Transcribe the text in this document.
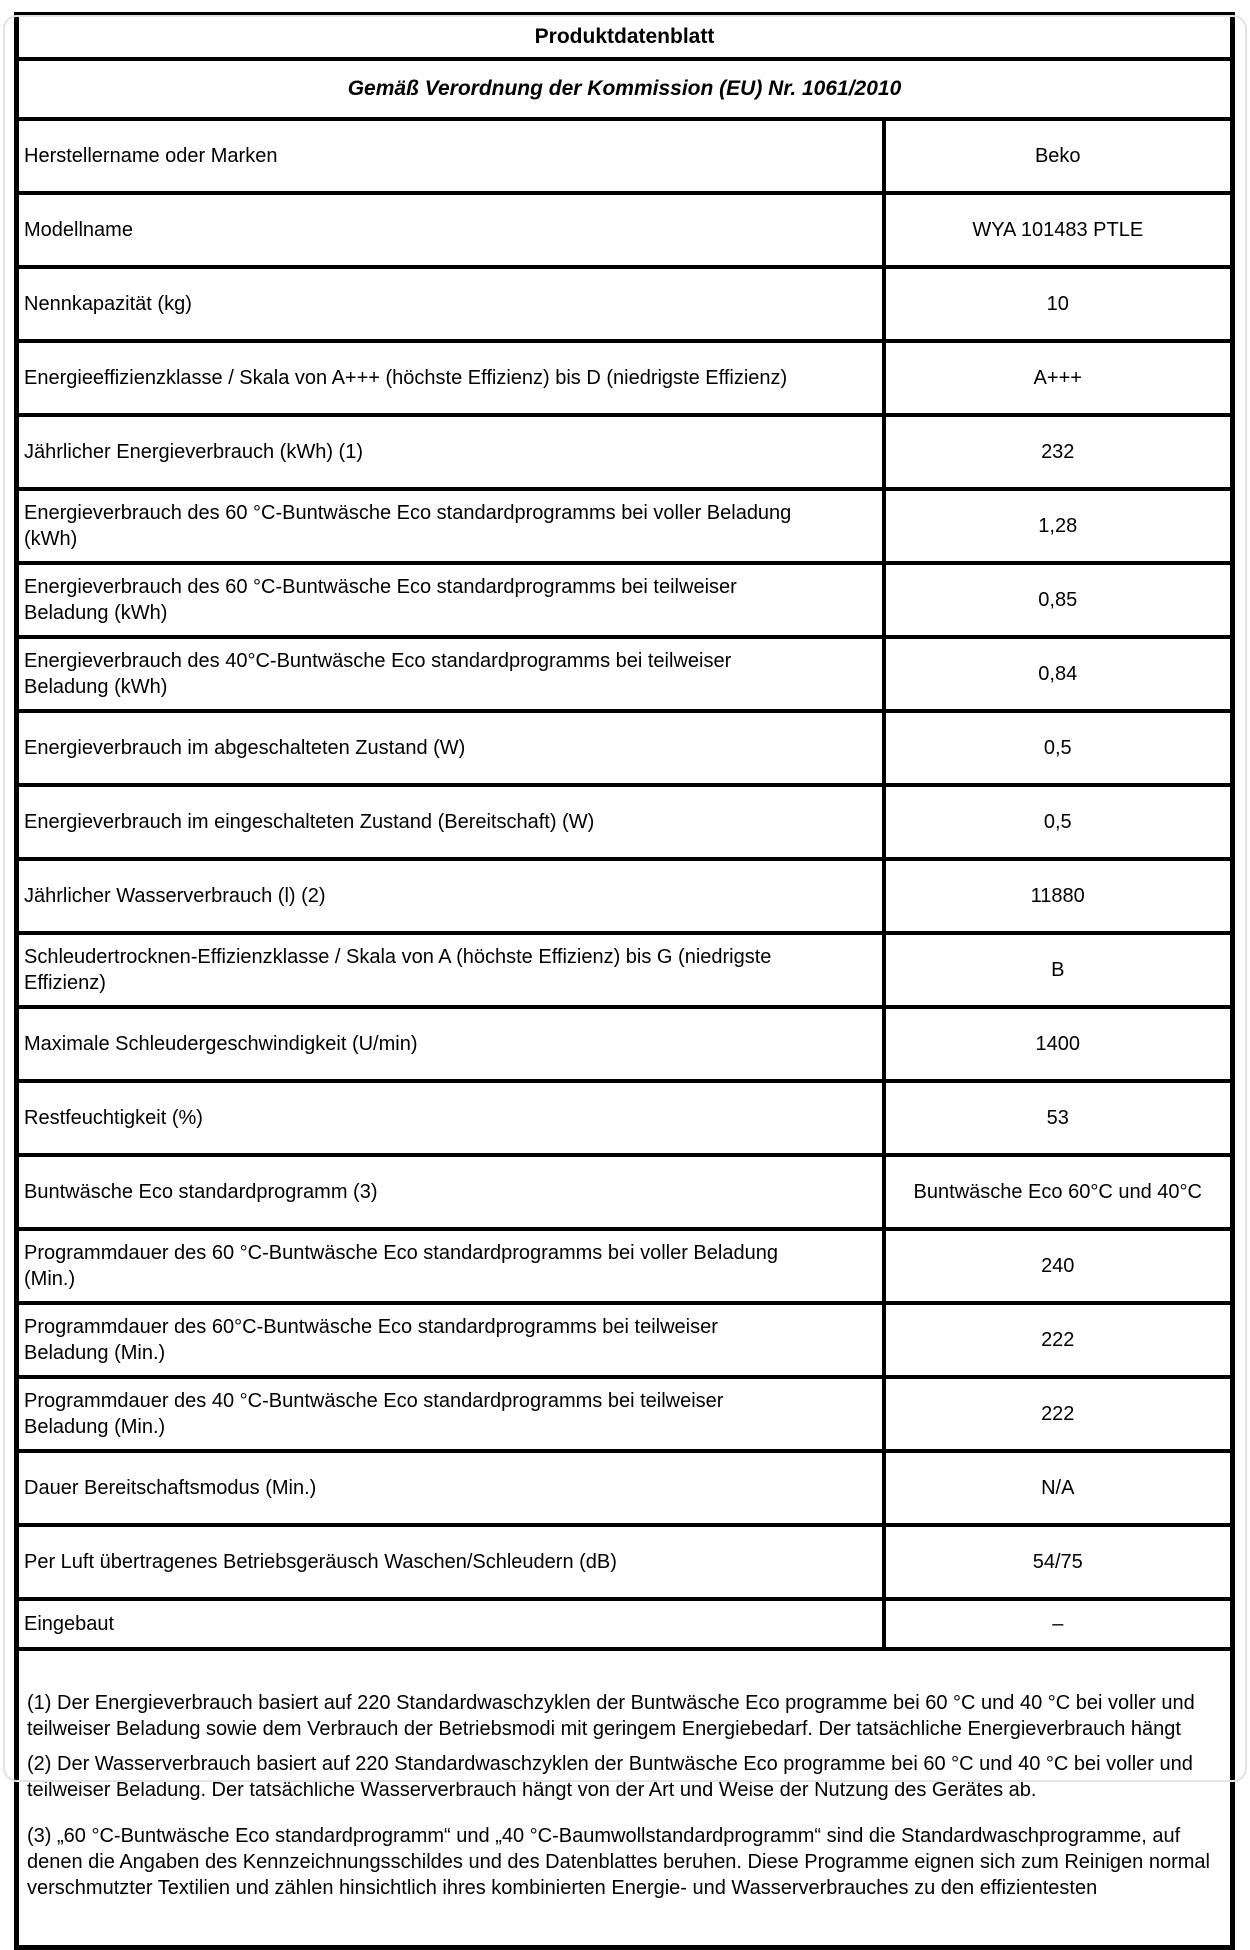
Produktdatenblatt	
Gemäß Verordnung der Kommission (EU) Nr. 1061/2010	
Herstellername oder Marken	Beko
Modellname	WYA 101483 PTLE
Nennkapazität (kg)	10
Energieeffizienzklasse / Skala von A+++ (höchste Effizienz) bis D (niedrigste Effizienz)	A+++
Jährlicher Energieverbrauch (kWh) (1)	232
Energieverbrauch des 60 °C-Buntwäsche Eco standardprogramms bei voller Beladung (kWh)	1,28
Energieverbrauch des 60 °C-Buntwäsche Eco standardprogramms bei teilweiser Beladung (kWh)	0,85
Energieverbrauch des 40°C-Buntwäsche Eco standardprogramms bei teilweiser Beladung (kWh)	0,84
Energieverbrauch im abgeschalteten Zustand (W)	0,5
Energieverbrauch im eingeschalteten Zustand (Bereitschaft) (W)	0,5
Jährlicher Wasserverbrauch (l) (2)	11880
Schleudertrocknen-Effizienzklasse / Skala von A (höchste Effizienz) bis G (niedrigste Effizienz)	B
Maximale Schleudergeschwindigkeit (U/min)	1400
Restfeuchtigkeit (%)	53
Buntwäsche Eco standardprogramm (3)	Buntwäsche Eco 60°C und 40°C
Programmdauer des 60 °C-Buntwäsche Eco standardprogramms bei voller Beladung (Min.)	240
Programmdauer des 60°C-Buntwäsche Eco standardprogramms bei teilweiser Beladung (Min.)	222
Programmdauer des 40 °C-Buntwäsche Eco standardprogramms bei teilweiser Beladung (Min.)	222
Dauer Bereitschaftsmodus (Min.)	N/A
Per Luft übertragenes Betriebsgeräusch Waschen/Schleudern (dB)	54/75
Eingebaut	–

(1) Der Energieverbrauch basiert auf 220 Standardwaschzyklen der Buntwäsche Eco programme bei 60 °C und 40 °C bei voller und teilweiser Beladung sowie dem Verbrauch der Betriebsmodi mit geringem Energiebedarf. Der tatsächliche Energieverbrauch hängt

(2) Der Wasserverbrauch basiert auf 220 Standardwaschzyklen der Buntwäsche Eco programme bei 60 °C und 40 °C bei voller und teilweiser Beladung. Der tatsächliche Wasserverbrauch hängt von der Art und Weise der Nutzung des Gerätes ab.

(3) „60 °C-Buntwäsche Eco standardprogramm“ und „40 °C-Baumwollstandardprogramm“ sind die Standardwaschprogramme, auf denen die Angaben des Kennzeichnungsschildes und des Datenblattes beruhen. Diese Programme eignen sich zum Reinigen normal verschmutzter Textilien und zählen hinsichtlich ihres kombinierten Energie- und Wasserverbrauches zu den effizientesten	
